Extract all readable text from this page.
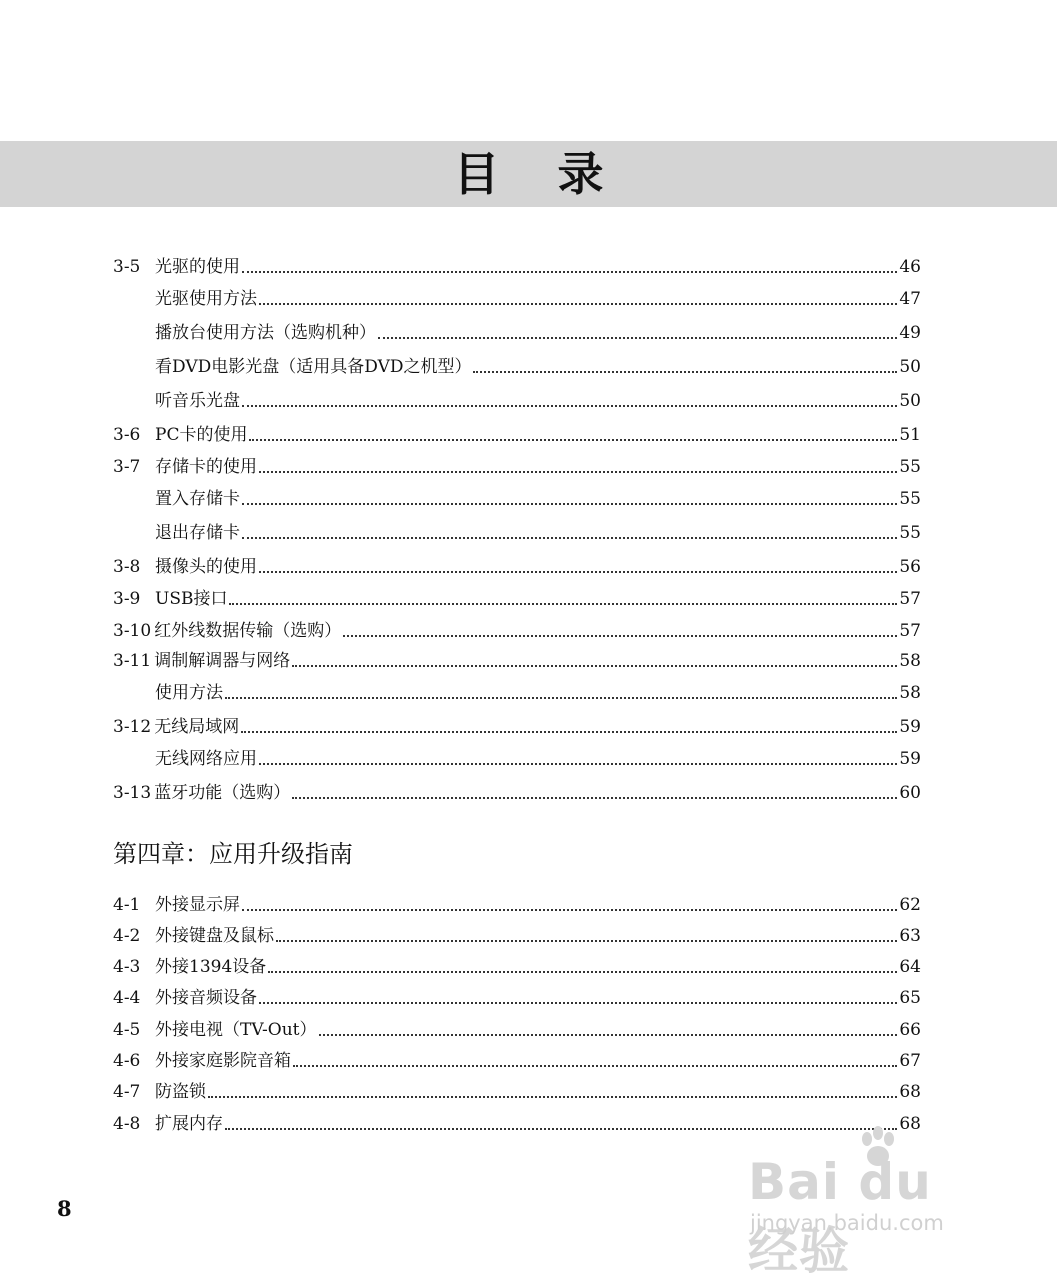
目录
3-5 光驱的使用	46
光驱使用方法	47
播放台使用方法（选购机种）	49
看DVD电影光盘（适用具备DVD之机型）	50
听音乐光盘	50
3-6 PC卡的使用	51
3-7 存储卡的使用	55
置入存储卡	55
退出存储卡	55
3-8 摄像头的使用	56
3-9 USB接口	57
3-10 红外线数据传输（选购）	57
3-11 调制解调器与网络	58
使用方法	58
3-12 无线局域网	59
无线网络应用	59
3-13 蓝牙功能（选购）	60
第四章：应用升级指南
4-1 外接显示屏	62
4-2 外接键盘及鼠标	63
4-3 外接1394设备	64
4-4 外接音频设备	65
4-5 外接电视（TV-Out）	66
4-6 外接家庭影院音箱	67
4-7 防盗锁	68
4-8 扩展内存	68
8	Bai du 经验
jingyan.baidu.com
